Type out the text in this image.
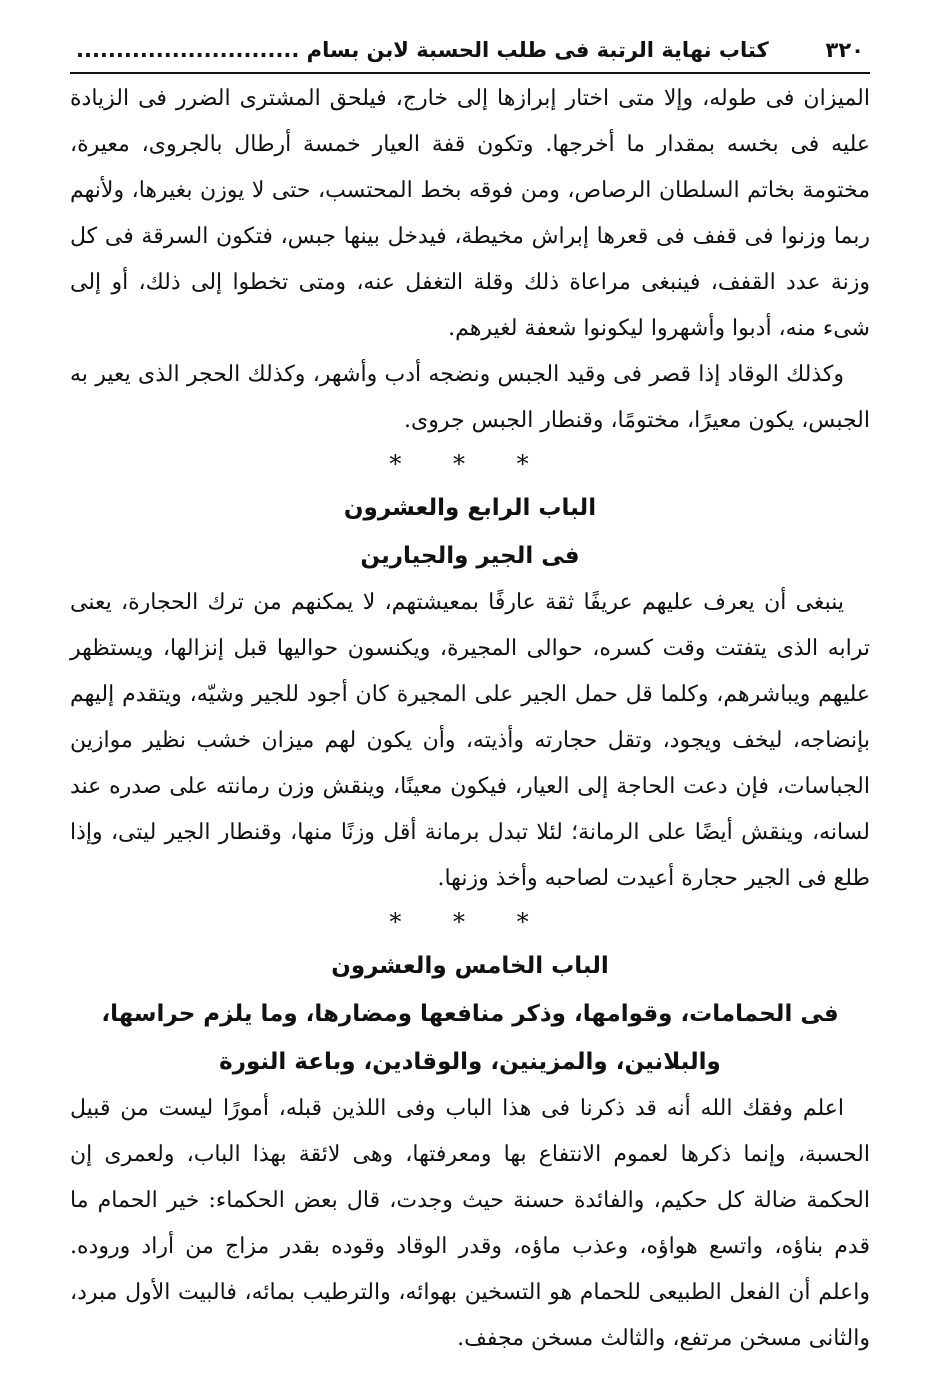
٣٢٠
كتاب نهاية الرتبة فى طلب الحسبة لابن بسام ............................

الميزان فى طوله، وإلا متى اختار إبرازها إلى خارج، فيلحق المشترى الضرر فى الزيادة عليه فى بخسه بمقدار ما أخرجها. وتكون قفة العيار خمسة أرطال بالجروى، معيرة، مختومة بخاتم السلطان الرصاص، ومن فوقه بخط المحتسب، حتى لا يوزن بغيرها، ولأنهم ربما وزنوا فى قفف فى قعرها إبراش مخيطة، فيدخل بينها جبس، فتكون السرقة فى كل وزنة عدد القفف، فينبغى مراعاة ذلك وقلة التغفل عنه، ومتى تخطوا إلى ذلك، أو إلى شىء منه، أدبوا وأشهروا ليكونوا شعفة لغيرهم.

وكذلك الوقاد إذا قصر فى وقيد الجبس ونضجه أدب وأشهر، وكذلك الحجر الذى يعير به الجبس، يكون معيرًا، مختومًا، وقنطار الجبس جروى.

* * *
الباب الرابع والعشرون
فى الجير والجيارين

ينبغى أن يعرف عليهم عريفًا ثقة عارفًا بمعيشتهم، لا يمكنهم من ترك الحجارة، يعنى ترابه الذى يتفتت وقت كسره، حوالى المجيرة، ويكنسون حواليها قبل إنزالها، ويستظهر عليهم ويباشرهم، وكلما قل حمل الجير على المجيرة كان أجود للجير وشيّه، ويتقدم إليهم بإنضاجه، ليخف ويجود، وتقل حجارته وأذيته، وأن يكون لهم ميزان خشب نظير موازين الجباسات، فإن دعت الحاجة إلى العيار، فيكون معينًا، وينقش وزن رمانته على صدره عند لسانه، وينقش أيضًا على الرمانة؛ لئلا تبدل برمانة أقل وزنًا منها، وقنطار الجير ليتى، وإذا طلع فى الجير حجارة أعيدت لصاحبه وأخذ وزنها.

* * *
الباب الخامس والعشرون
فى الحمامات، وقوامها، وذكر منافعها ومضارها، وما يلزم حراسها،
والبلانين، والمزينين، والوقادين، وباعة النورة

اعلم وفقك الله أنه قد ذكرنا فى هذا الباب وفى اللذين قبله، أمورًا ليست من قبيل الحسبة، وإنما ذكرها لعموم الانتفاع بها ومعرفتها، وهى لائقة بهذا الباب، ولعمرى إن الحكمة ضالة كل حكيم، والفائدة حسنة حيث وجدت، قال بعض الحكماء: خير الحمام ما قدم بناؤه، واتسع هواؤه، وعذب ماؤه، وقدر الوقاد وقوده بقدر مزاج من أراد وروده. واعلم أن الفعل الطبيعى للحمام هو التسخين بهوائه، والترطيب بمائه، فالبيت الأول مبرد، والثانى مسخن مرتفع، والثالث مسخن مجفف.
